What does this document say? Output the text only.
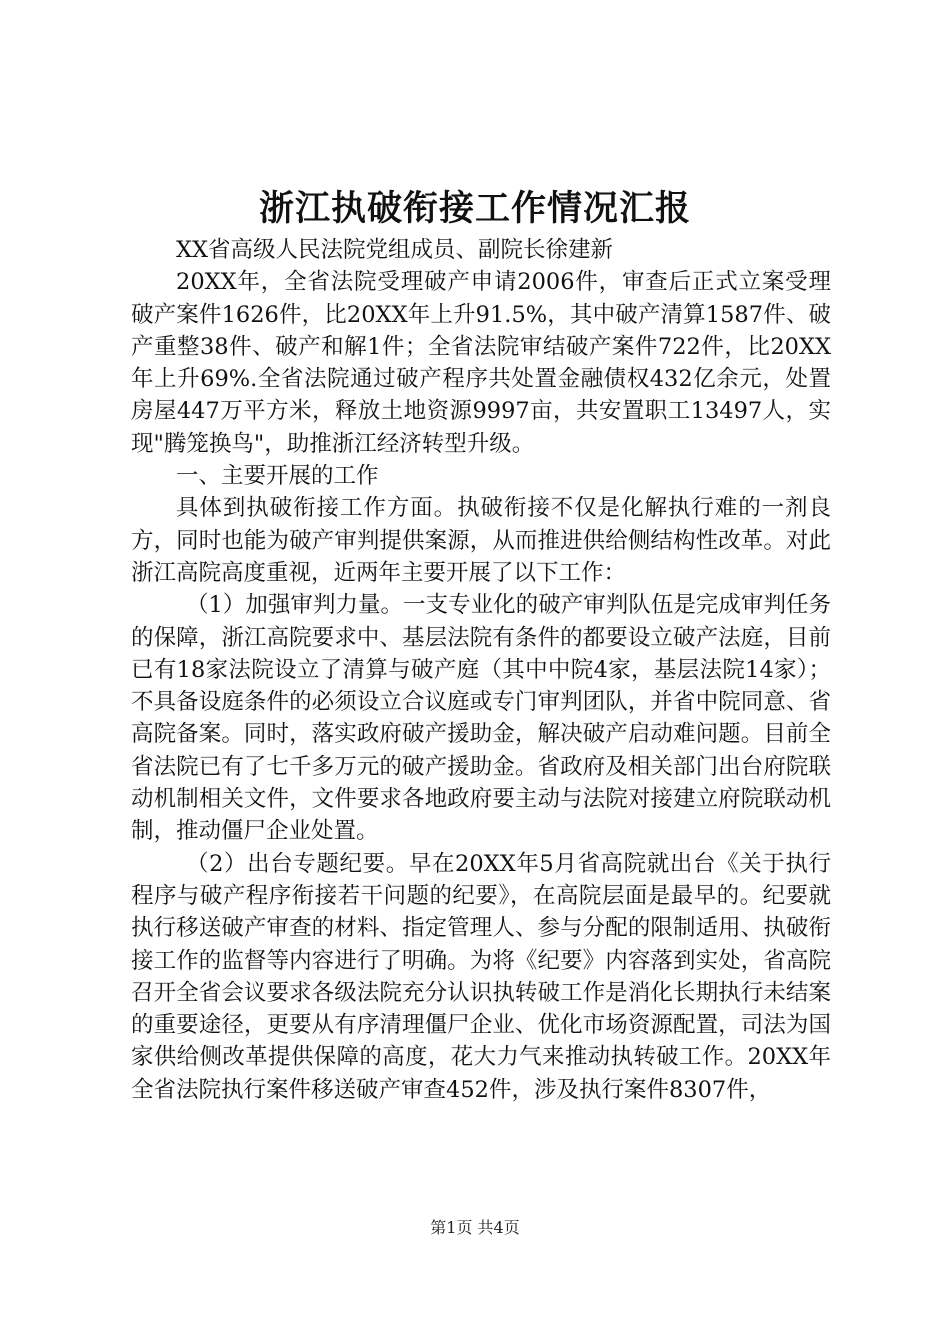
浙江执破衔接工作情况汇报

XX省高级人民法院党组成员、副院长徐建新

20XX年，全省法院受理破产申请2006件，审查后正式立案受理破产案件1626件，比20XX年上升91.5%，其中破产清算1587件、破产重整38件、破产和解1件；全省法院审结破产案件722件，比20XX年上升69%.全省法院通过破产程序共处置金融债权432亿余元，处置房屋447万平方米，释放土地资源9997亩，共安置职工13497人，实现"腾笼换鸟"，助推浙江经济转型升级。

一、主要开展的工作

具体到执破衔接工作方面。执破衔接不仅是化解执行难的一剂良方，同时也能为破产审判提供案源，从而推进供给侧结构性改革。对此浙江高院高度重视，近两年主要开展了以下工作：

（1）加强审判力量。一支专业化的破产审判队伍是完成审判任务的保障，浙江高院要求中、基层法院有条件的都要设立破产法庭，目前已有18家法院设立了清算与破产庭（其中中院4家，基层法院14家）；不具备设庭条件的必须设立合议庭或专门审判团队，并省中院同意、省高院备案。同时，落实政府破产援助金，解决破产启动难问题。目前全省法院已有了七千多万元的破产援助金。省政府及相关部门出台府院联动机制相关文件，文件要求各地政府要主动与法院对接建立府院联动机制，推动僵尸企业处置。

（2）出台专题纪要。早在20XX年5月省高院就出台《关于执行程序与破产程序衔接若干问题的纪要》，在高院层面是最早的。纪要就执行移送破产审查的材料、指定管理人、参与分配的限制适用、执破衔接工作的监督等内容进行了明确。为将《纪要》内容落到实处，省高院召开全省会议要求各级法院充分认识执转破工作是消化长期执行未结案的重要途径，更要从有序清理僵尸企业、优化市场资源配置，司法为国家供给侧改革提供保障的高度，花大力气来推动执转破工作。20XX年全省法院执行案件移送破产审查452件，涉及执行案件8307件，

第1页 共4页
